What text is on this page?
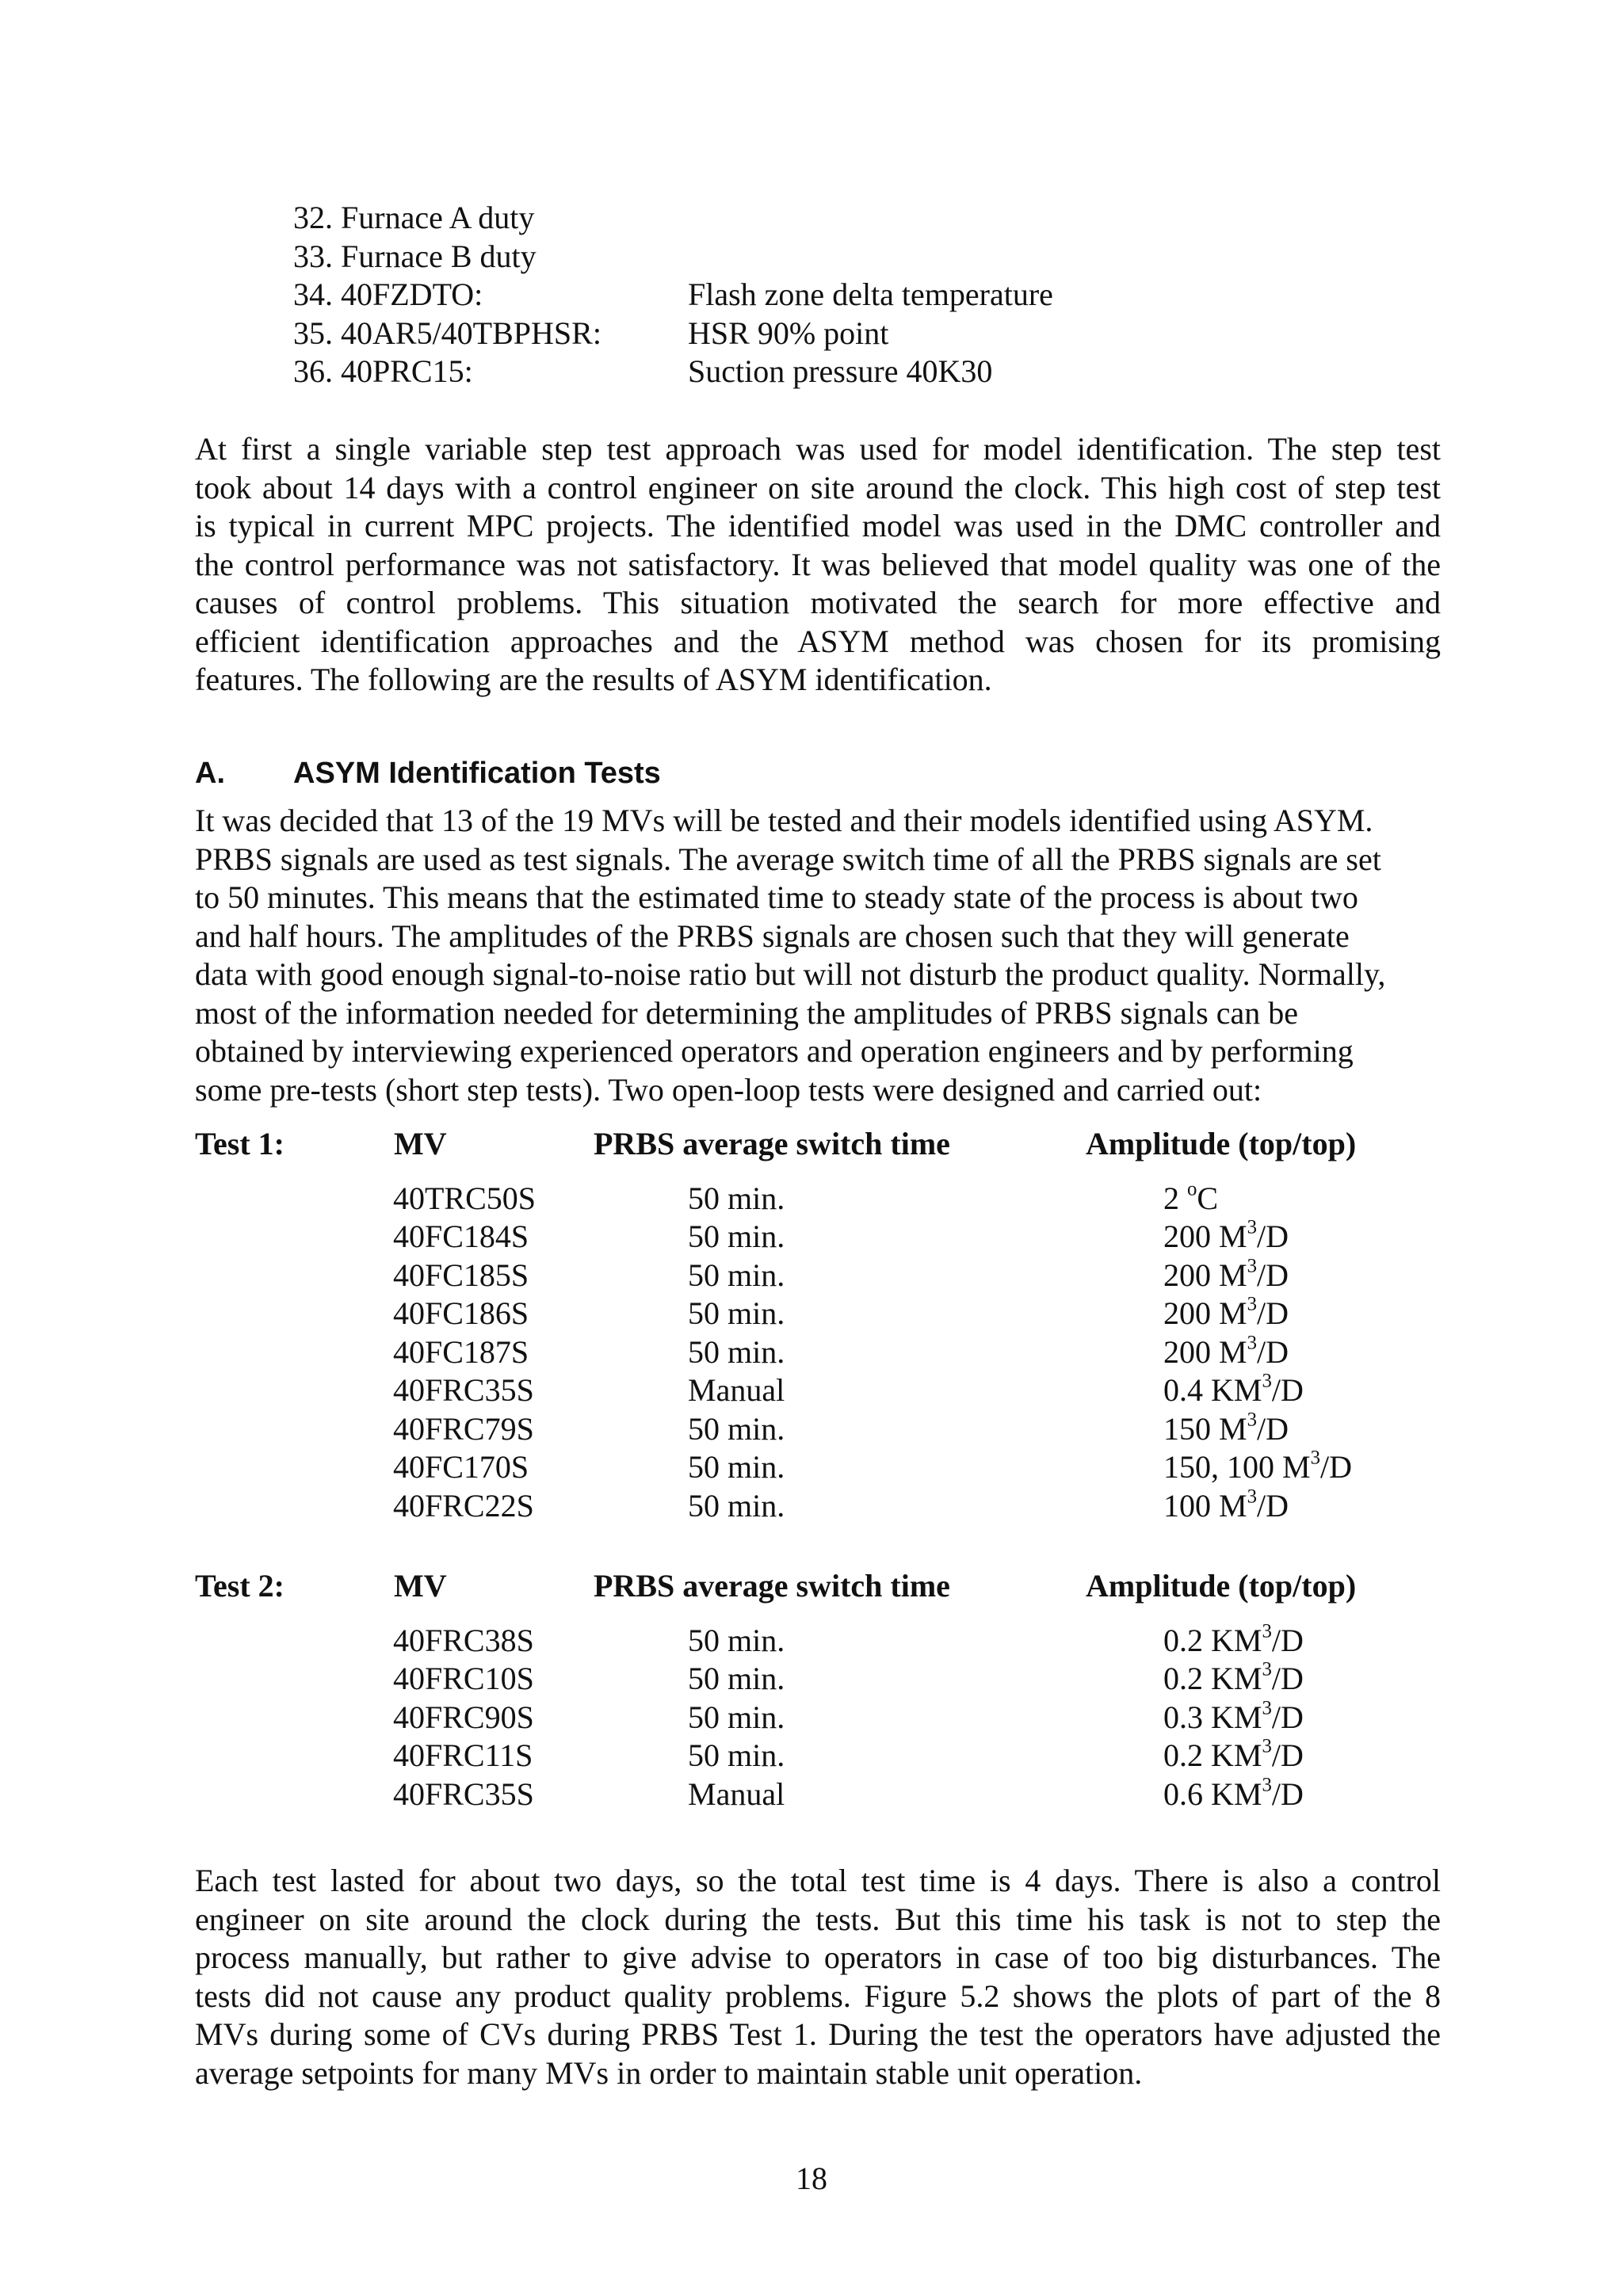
32. Furnace A duty
33. Furnace B duty
34. 40FZDTO:	Flash zone delta temperature
35. 40AR5/40TBPHSR:	HSR 90% point
36. 40PRC15:	Suction pressure 40K30
At first a single variable step test approach was used for model identification. The step test
took about 14 days with a control engineer on site around the clock. This high cost of step test
is typical in current MPC projects. The identified model was used in the DMC controller and
the control performance was not satisfactory. It was believed that model quality was one of the
causes of control problems. This situation motivated the search for more effective and
efficient identification approaches and the ASYM method was chosen for its promising
features. The following are the results of ASYM identification.
A. ASYM Identification Tests
It was decided that 13 of the 19 MVs will be tested and their models identified using ASYM.
PRBS signals are used as test signals. The average switch time of all the PRBS signals are set
to 50 minutes. This means that the estimated time to steady state of the process is about two
and half hours. The amplitudes of the PRBS signals are chosen such that they will generate
data with good enough signal-to-noise ratio but will not disturb the product quality. Normally,
most of the information needed for determining the amplitudes of PRBS signals can be
obtained by interviewing experienced operators and operation engineers and by performing
some pre-tests (short step tests). Two open-loop tests were designed and carried out:
Test 1:	MV	PRBS average switch time	Amplitude (top/top)
40TRC50S	50 min.	2 $^o$C
40FC184S	50 min.	200 $M^3/D$
40FC185S	50 min.	200 $M^3/D$
40FC186S	50 min.	200 $M^3/D$
40FC187S	50 min.	200 $M^3/D$
40FRC35S	Manual	0.4 $KM^3/D$
40FRC79S	50 min.	150 $M^3/D$
40FC170S	50 min.	150, 100 $M^3/D$
40FRC22S	50 min.	100 $M^3/D$
Test 2:	MV	PRBS average switch time	Amplitude (top/top)
40FRC38S	50 min.	0.2 $KM^3/D$
40FRC10S	50 min.	0.2 $KM^3/D$
40FRC90S	50 min.	0.3 $KM^3/D$
40FRC11S	50 min.	0.2 $KM^3/D$
40FRC35S	Manual	0.6 $KM^3/D$
Each test lasted for about two days, so the total test time is 4 days. There is also a control
engineer on site around the clock during the tests. But this time his task is not to step the
process manually, but rather to give advise to operators in case of too big disturbances. The
tests did not cause any product quality problems. Figure 5.2 shows the plots of part of the 8
MVs during some of CVs during PRBS Test 1. During the test the operators have adjusted the
average setpoints for many MVs in order to maintain stable unit operation.
18
